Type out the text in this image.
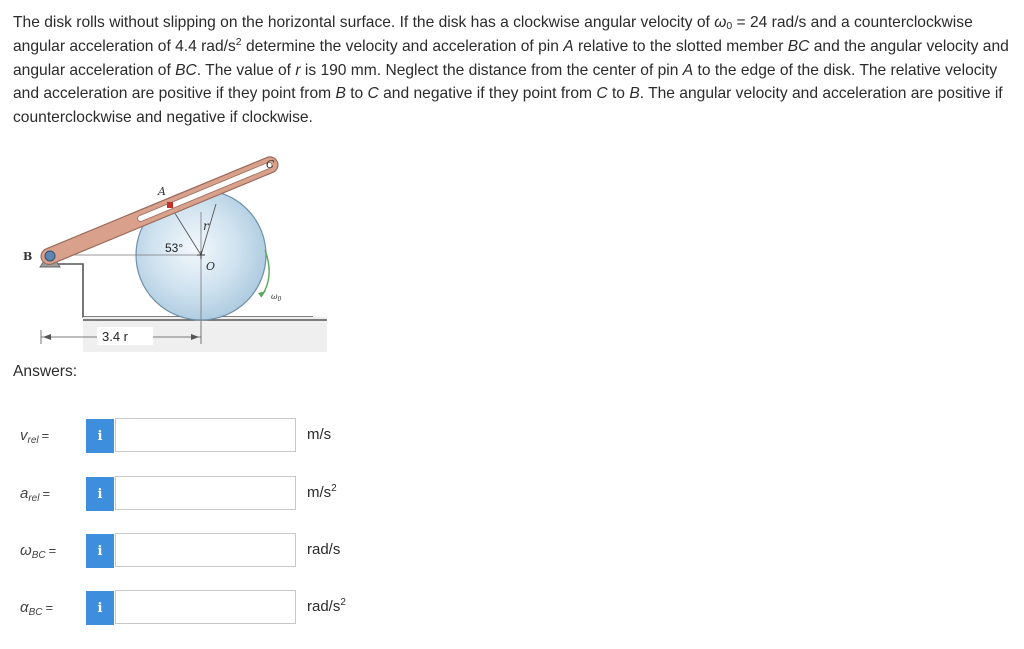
The disk rolls without slipping on the horizontal surface. If the disk has a clockwise angular velocity of $\omega_0 = 24$ rad/s and a counterclockwise angular acceleration of 4.4 rad/$s^2$ determine the velocity and acceleration of pin A relative to the slotted member BC and the angular velocity and angular acceleration of BC. The value of r is 190 mm. Neglect the distance from the center of pin A to the edge of the disk. The relative velocity and acceleration are positive if they point from B to C and negative if they point from C to B. The angular velocity and acceleration are positive if counterclockwise and negative if clockwise.

B
A
C
O
r
53°
$\omega_0$
3.4 r
Answers:
$v_{rel}$ =	i	m/s
$a_{rel}$ =	i	$m/s^2$
$\omega_{BC}$ =	i	rad/s
$\alpha_{BC}$ =	i	rad/$s^2$
